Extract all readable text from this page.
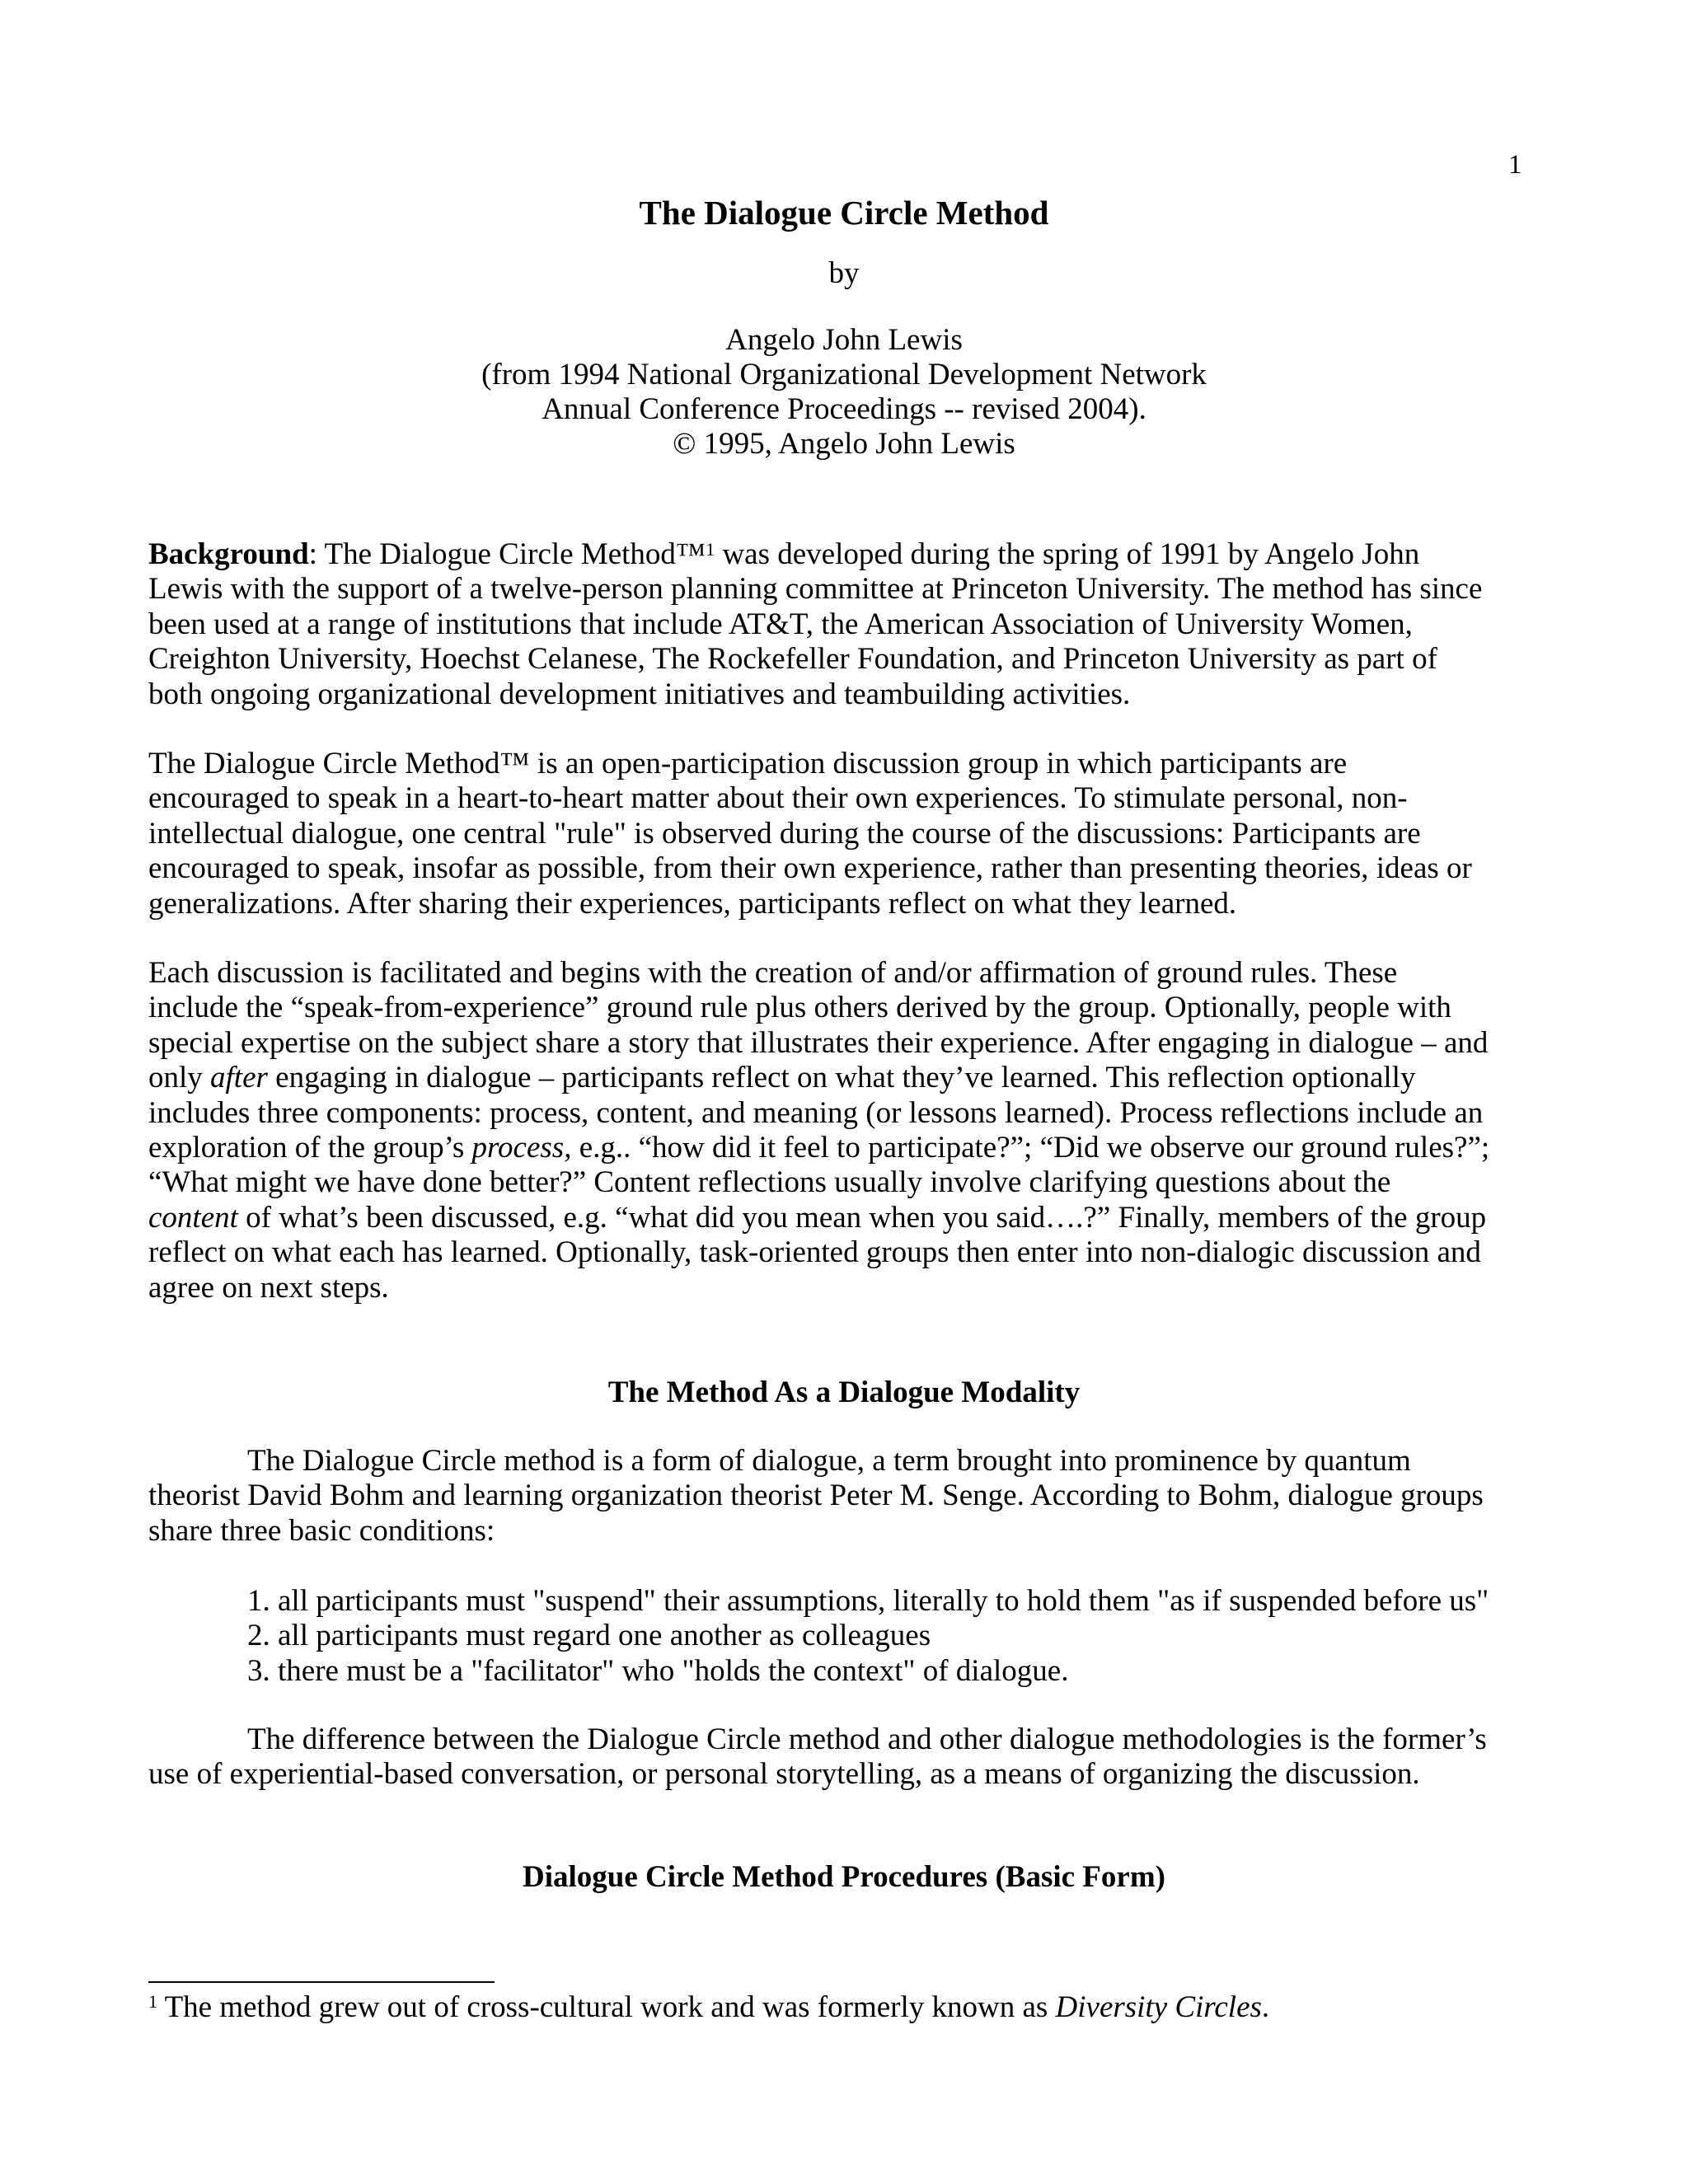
1
The Dialogue Circle Method
by
Angelo John Lewis
(from 1994 National Organizational Development Network
Annual Conference Proceedings -- revised 2004).
© 1995, Angelo John Lewis
Background: The Dialogue Circle Method™$^1$ was developed during the spring of 1991 by Angelo John
Lewis with the support of a twelve-person planning committee at Princeton University. The method has since
been used at a range of institutions that include AT&T, the American Association of University Women,
Creighton University, Hoechst Celanese, The Rockefeller Foundation, and Princeton University as part of
both ongoing organizational development initiatives and teambuilding activities.
The Dialogue Circle Method™ is an open-participation discussion group in which participants are
encouraged to speak in a heart-to-heart matter about their own experiences. To stimulate personal, non-
intellectual dialogue, one central "rule" is observed during the course of the discussions: Participants are
encouraged to speak, insofar as possible, from their own experience, rather than presenting theories, ideas or
generalizations. After sharing their experiences, participants reflect on what they learned.
Each discussion is facilitated and begins with the creation of and/or affirmation of ground rules. These
include the “speak-from-experience” ground rule plus others derived by the group. Optionally, people with
special expertise on the subject share a story that illustrates their experience. After engaging in dialogue – and
only after engaging in dialogue – participants reflect on what they’ve learned. This reflection optionally
includes three components: process, content, and meaning (or lessons learned). Process reflections include an
exploration of the group’s process, e.g.. “how did it feel to participate?”; “Did we observe our ground rules?”;
“What might we have done better?” Content reflections usually involve clarifying questions about the
content of what’s been discussed, e.g. “what did you mean when you said….?” Finally, members of the group
reflect on what each has learned. Optionally, task-oriented groups then enter into non-dialogic discussion and
agree on next steps.
The Method As a Dialogue Modality
The Dialogue Circle method is a form of dialogue, a term brought into prominence by quantum
theorist David Bohm and learning organization theorist Peter M. Senge. According to Bohm, dialogue groups
share three basic conditions:
1. all participants must "suspend" their assumptions, literally to hold them "as if suspended before us"
2. all participants must regard one another as colleagues
3. there must be a "facilitator" who "holds the context" of dialogue.
The difference between the Dialogue Circle method and other dialogue methodologies is the former’s
use of experiential-based conversation, or personal storytelling, as a means of organizing the discussion.
Dialogue Circle Method Procedures (Basic Form)
$^1$ The method grew out of cross-cultural work and was formerly known as Diversity Circles.
